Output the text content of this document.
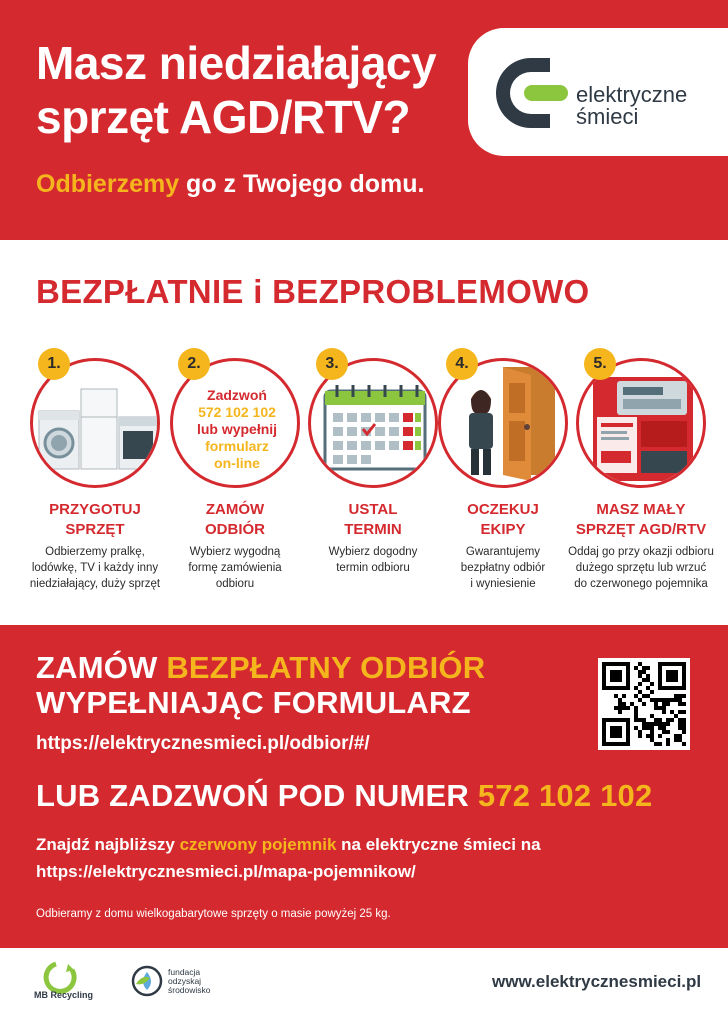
Masz niedziałający
sprzęt AGD/RTV?
Odbierzemy go z Twojego domu.
elektryczne
śmieci
BEZPŁATNIE i BEZPROBLEMOWO
1.
PRZYGOTUJ
SPRZĘT
Odbierzemy pralkę,
lodówkę, TV i każdy inny
niedziałający, duży sprzęt
2.
Zadzwoń
572 102 102
lub wypełnij
formularz
on-line
ZAMÓW
ODBIÓR
Wybierz wygodną
formę zamówienia
odbioru
3.
USTAL
TERMIN
Wybierz dogodny
termin odbioru
4.
OCZEKUJ
EKIPY
Gwarantujemy
bezpłatny odbiór
i wyniesienie
5.
MASZ MAŁY
SPRZĘT AGD/RTV
Oddaj go przy okazji odbioru
dużego sprzętu lub wrzuć
do czerwonego pojemnika
ZAMÓW BEZPŁATNY ODBIÓR
WYPEŁNIAJĄC FORMULARZ
https://elektrycznesmieci.pl/odbior/#/
LUB ZADZWOŃ POD NUMER 572 102 102
Znajdź najbliższy czerwony pojemnik na elektryczne śmieci na
https://elektrycznesmieci.pl/mapa-pojemnikow/
Odbieramy z domu wielkogabarytowe sprzęty o masie powyżej 25 kg.
MB Recycling
fundacja
odzyskaj
środowisko	www.elektrycznesmieci.pl
